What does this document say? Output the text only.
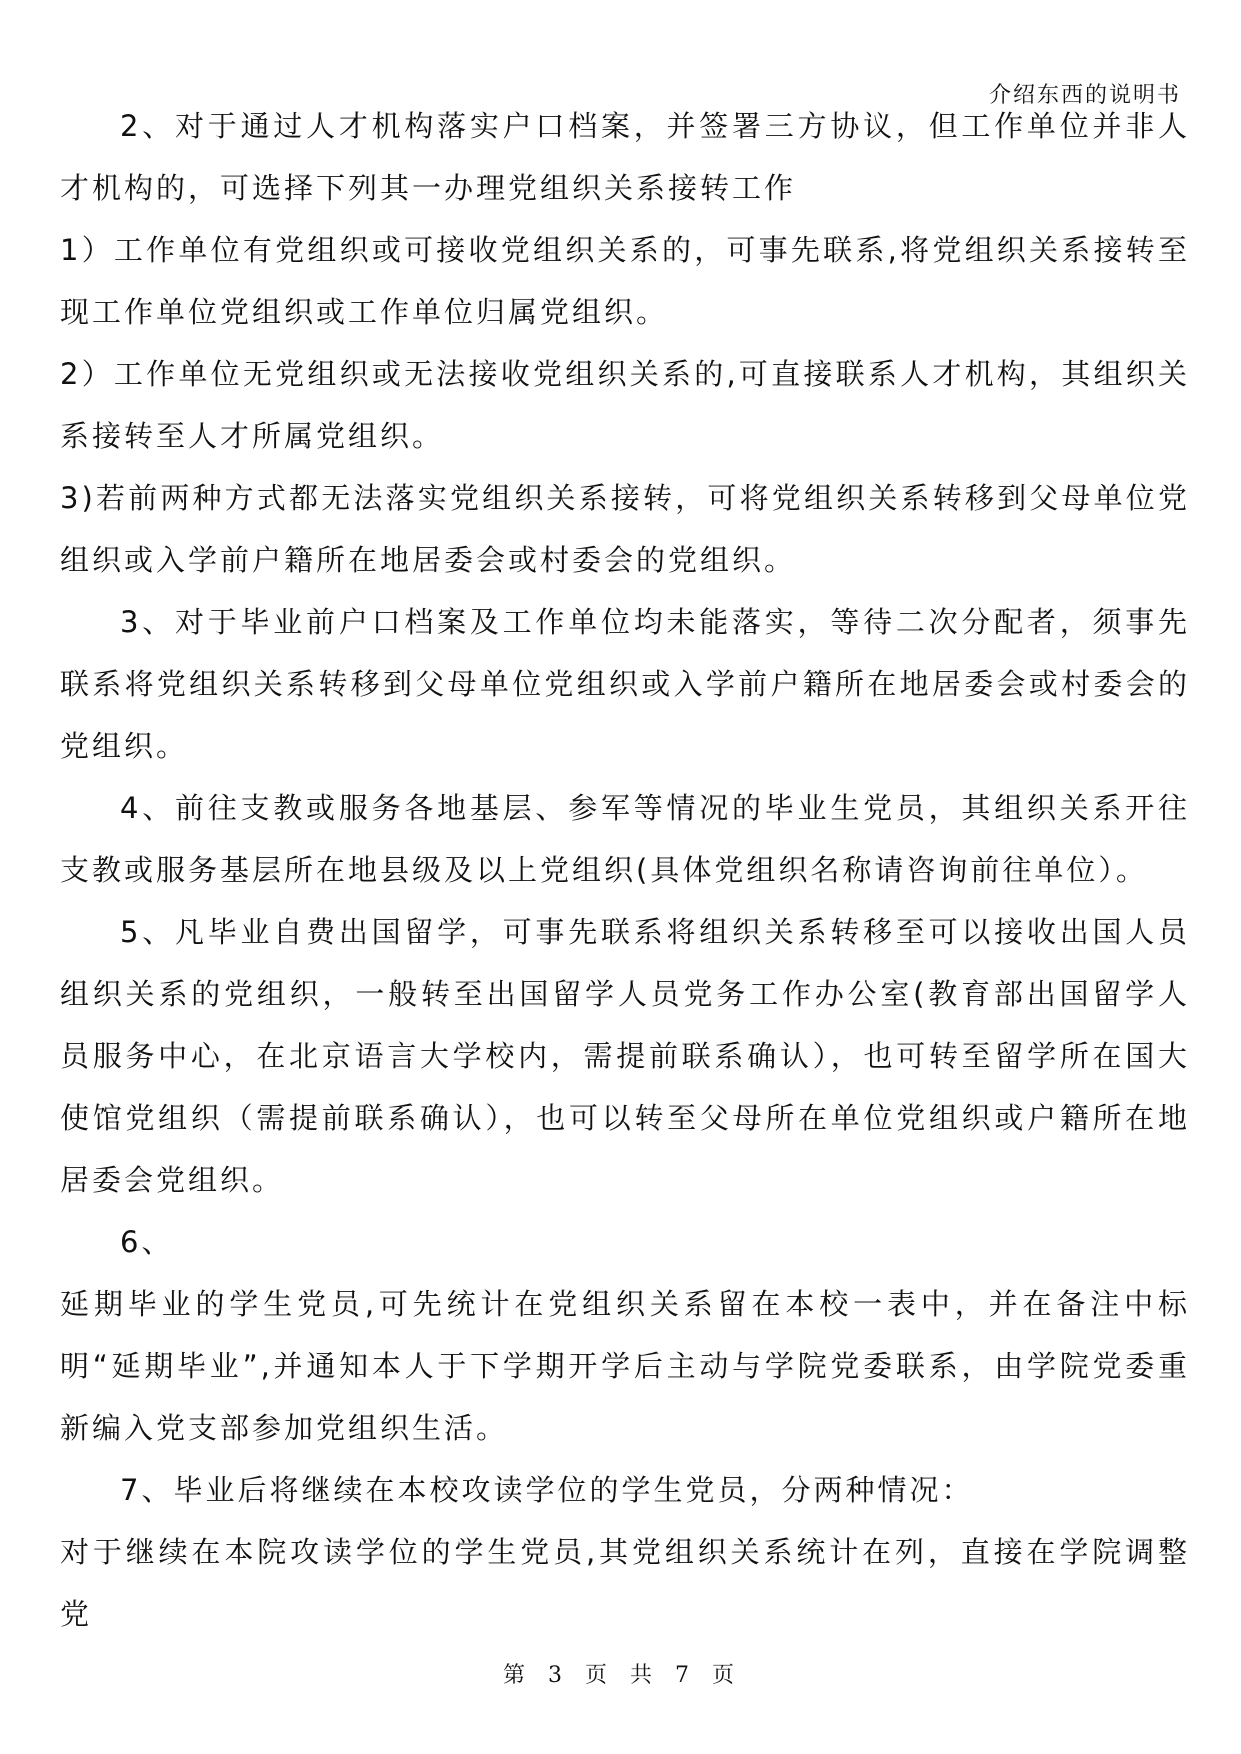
介绍东西的说明书

2、对于通过人才机构落实户口档案，并签署三方协议，但工作单位并非人才机构的，可选择下列其一办理党组织关系接转工作

1）工作单位有党组织或可接收党组织关系的，可事先联系,将党组织关系接转至现工作单位党组织或工作单位归属党组织。

2）工作单位无党组织或无法接收党组织关系的,可直接联系人才机构，其组织关系接转至人才所属党组织。

3)若前两种方式都无法落实党组织关系接转，可将党组织关系转移到父母单位党组织或入学前户籍所在地居委会或村委会的党组织。

3、对于毕业前户口档案及工作单位均未能落实，等待二次分配者，须事先联系将党组织关系转移到父母单位党组织或入学前户籍所在地居委会或村委会的党组织。

4、前往支教或服务各地基层、参军等情况的毕业生党员，其组织关系开往支教或服务基层所在地县级及以上党组织(具体党组织名称请咨询前往单位）。

5、凡毕业自费出国留学，可事先联系将组织关系转移至可以接收出国人员组织关系的党组织，一般转至出国留学人员党务工作办公室(教育部出国留学人员服务中心，在北京语言大学校内，需提前联系确认），也可转至留学所在国大使馆党组织（需提前联系确认），也可以转至父母所在单位党组织或户籍所在地居委会党组织。

6、

延期毕业的学生党员,可先统计在党组织关系留在本校一表中，并在备注中标明“延期毕业”,并通知本人于下学期开学后主动与学院党委联系，由学院党委重新编入党支部参加党组织生活。

7、毕业后将继续在本校攻读学位的学生党员，分两种情况：

对于继续在本院攻读学位的学生党员,其党组织关系统计在列，直接在学院调整党

第 3 页 共 7 页
